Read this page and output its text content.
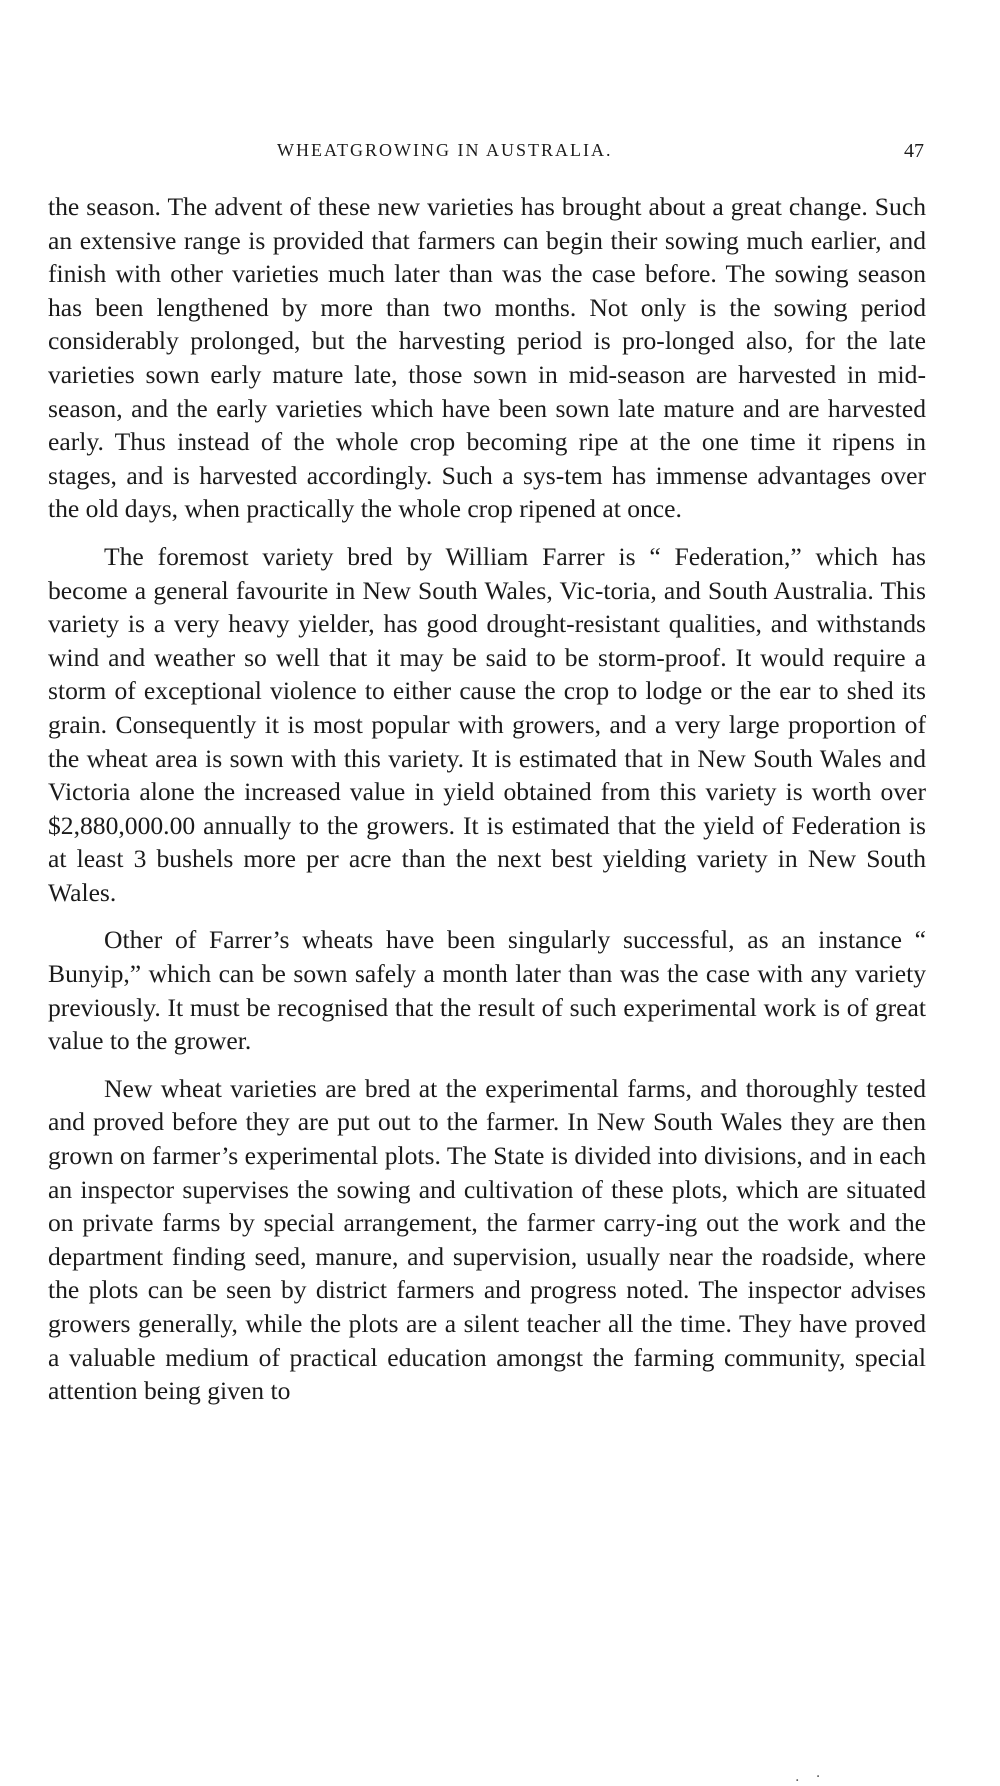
WHEATGROWING IN AUSTRALIA.	47

the season. The advent of these new varieties has brought about a great change. Such an extensive range is provided that farmers can begin their sowing much earlier, and finish with other varieties much later than was the case before. The sowing season has been lengthened by more than two months. Not only is the sowing period considerably prolonged, but the harvesting period is pro-longed also, for the late varieties sown early mature late, those sown in mid-season are harvested in mid-season, and the early varieties which have been sown late mature and are harvested early. Thus instead of the whole crop becoming ripe at the one time it ripens in stages, and is harvested accordingly. Such a sys-tem has immense advantages over the old days, when practically the whole crop ripened at once.

The foremost variety bred by William Farrer is “ Federation,” which has become a general favourite in New South Wales, Vic-toria, and South Australia. This variety is a very heavy yielder, has good drought-resistant qualities, and withstands wind and weather so well that it may be said to be storm-proof. It would require a storm of exceptional violence to either cause the crop to lodge or the ear to shed its grain. Consequently it is most popular with growers, and a very large proportion of the wheat area is sown with this variety. It is estimated that in New South Wales and Victoria alone the increased value in yield obtained from this variety is worth over $2,880,000.00 annually to the growers. It is estimated that the yield of Federation is at least 3 bushels more per acre than the next best yielding variety in New South Wales.

Other of Farrer’s wheats have been singularly successful, as an instance “ Bunyip,” which can be sown safely a month later than was the case with any variety previously. It must be recognised that the result of such experimental work is of great value to the grower.

New wheat varieties are bred at the experimental farms, and thoroughly tested and proved before they are put out to the farmer. In New South Wales they are then grown on farmer’s experimental plots. The State is divided into divisions, and in each an inspector supervises the sowing and cultivation of these plots, which are situated on private farms by special arrangement, the farmer carry-ing out the work and the department finding seed, manure, and supervision, usually near the roadside, where the plots can be seen by district farmers and progress noted. The inspector advises growers generally, while the plots are a silent teacher all the time. They have proved a valuable medium of practical education amongst the farming community, special attention being given to

. ·
